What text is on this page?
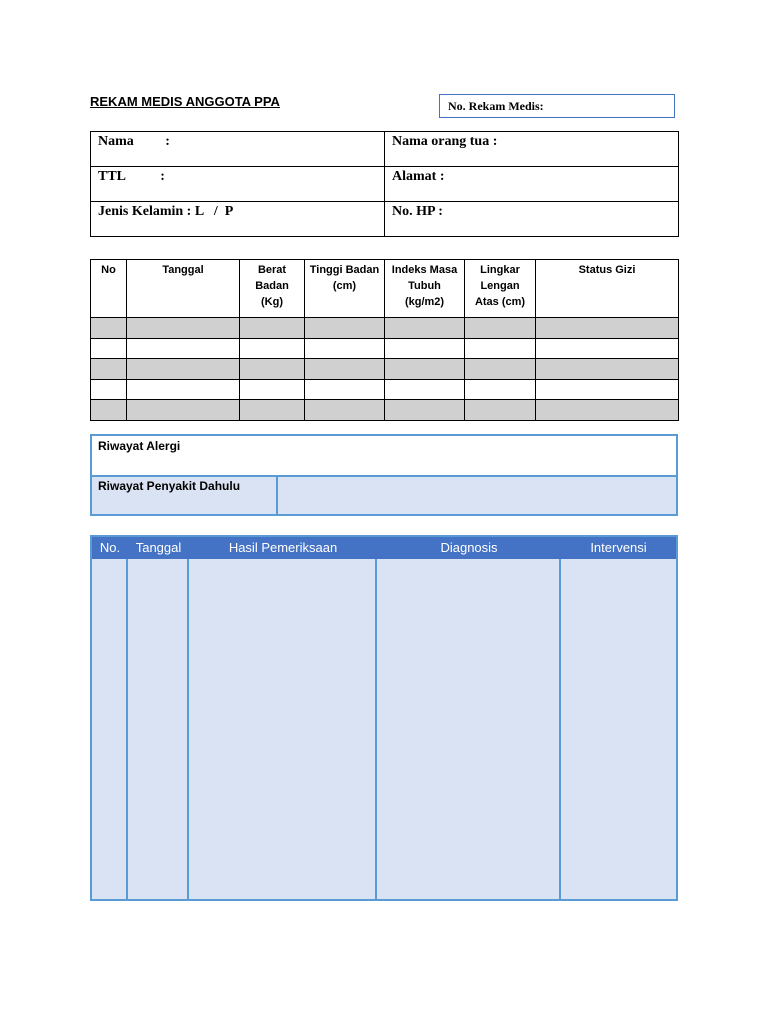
REKAM MEDIS ANGGOTA PPA	No. Rekam Medis:
Nama         :	Nama orang tua :
TTL          :	Alamat :
Jenis Kelamin : L   /  P	No. HP :
No	Tanggal	Berat Badan (Kg)	Tinggi Badan (cm)	Indeks Masa Tubuh (kg/m2)	Lingkar Lengan Atas (cm)	Status Gizi

Riwayat Alergi
Riwayat Penyakit Dahulu
No.	Tanggal	Hasil Pemeriksaan	Diagnosis	Intervensi
